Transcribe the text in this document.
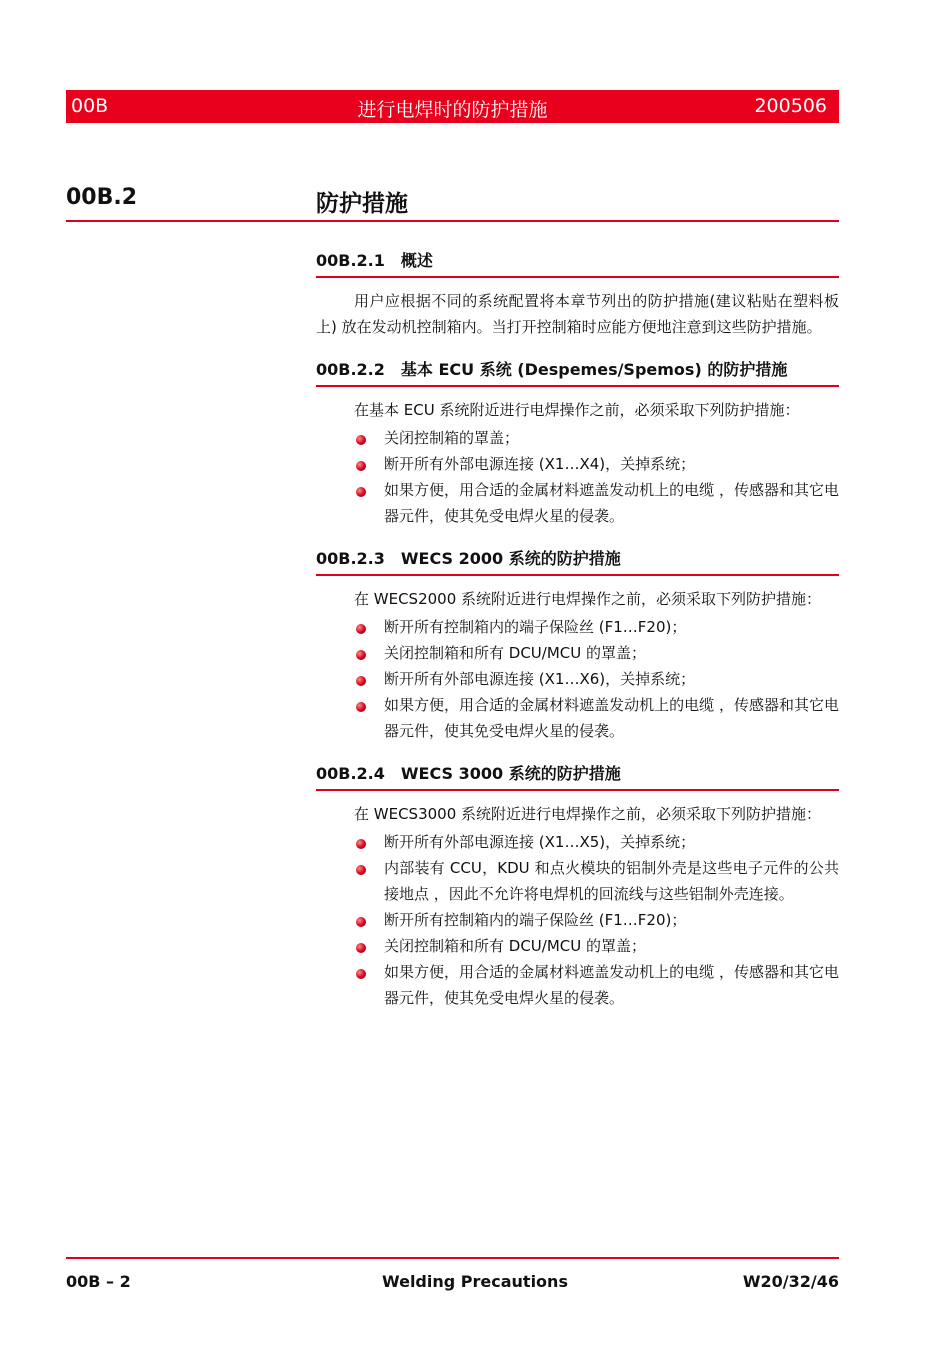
00B	进行电焊时的防护措施	200506
00B.2	防护措施
00B.2.1 概述

用户应根据不同的系统配置将本章节列出的防护措施(建议粘贴在塑料板上) 放在发动机控制箱内。当打开控制箱时应能方便地注意到这些防护措施。

00B.2.2 基本 ECU 系统 (Despemes/Spemos) 的防护措施

在基本 ECU 系统附近进行电焊操作之前，必须采取下列防护措施：

关闭控制箱的罩盖；
断开所有外部电源连接 (X1…X4)，关掉系统；
如果方便，用合适的金属材料遮盖发动机上的电缆 ，传感器和其它电器元件，使其免受电焊火星的侵袭。
00B.2.3 WECS 2000 系统的防护措施

在 WECS2000 系统附近进行电焊操作之前，必须采取下列防护措施：

断开所有控制箱内的端子保险丝 (F1…F20)；
关闭控制箱和所有 DCU/MCU 的罩盖；
断开所有外部电源连接 (X1…X6)，关掉系统；
如果方便，用合适的金属材料遮盖发动机上的电缆 ，传感器和其它电器元件，使其免受电焊火星的侵袭。
00B.2.4 WECS 3000 系统的防护措施

在 WECS3000 系统附近进行电焊操作之前，必须采取下列防护措施：

断开所有外部电源连接 (X1…X5)，关掉系统；
内部装有 CCU，KDU 和点火模块的铝制外壳是这些电子元件的公共接地点 ，因此不允许将电焊机的回流线与这些铝制外壳连接。
断开所有控制箱内的端子保险丝 (F1…F20)；
关闭控制箱和所有 DCU/MCU 的罩盖；
如果方便，用合适的金属材料遮盖发动机上的电缆 ，传感器和其它电器元件，使其免受电焊火星的侵袭。
00B – 2	Welding Precautions	W20/32/46
